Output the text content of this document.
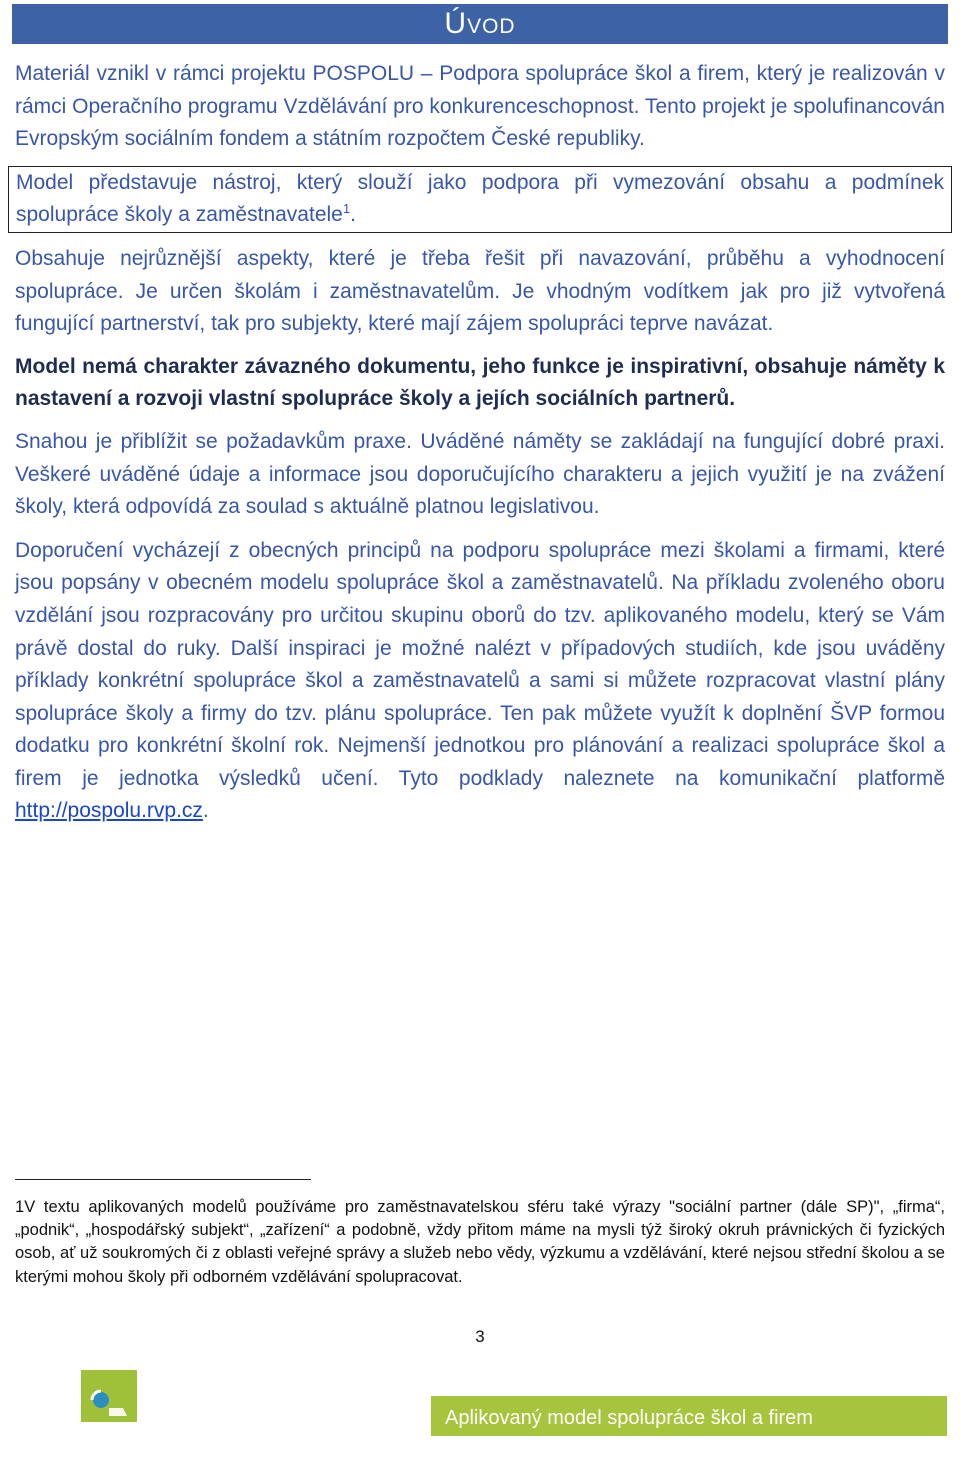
Úvod

Materiál vznikl v rámci projektu POSPOLU – Podpora spolupráce škol a firem, který je realizován v rámci Operačního programu Vzdělávání pro konkurenceschopnost. Tento projekt je spolufinancován Evropským sociálním fondem a státním rozpočtem České republiky.

Model představuje nástroj, který slouží jako podpora při vymezování obsahu a podmínek spolupráce školy a zaměstnavatele$^1$.

Obsahuje nejrůznější aspekty, které je třeba řešit při navazování, průběhu a vyhodnocení spolupráce. Je určen školám i zaměstnavatelům. Je vhodným vodítkem jak pro již vytvořená fungující partnerství, tak pro subjekty, které mají zájem spolupráci teprve navázat.

Model nemá charakter závazného dokumentu, jeho funkce je inspirativní, obsahuje náměty k nastavení a rozvoji vlastní spolupráce školy a jejích sociálních partnerů.

Snahou je přiblížit se požadavkům praxe. Uváděné náměty se zakládají na fungující dobré praxi. Veškeré uváděné údaje a informace jsou doporučujícího charakteru a jejich využití je na zvážení školy, která odpovídá za soulad s aktuálně platnou legislativou.

Doporučení vycházejí z obecných principů na podporu spolupráce mezi školami a firmami, které jsou popsány v obecném modelu spolupráce škol a zaměstnavatelů. Na příkladu zvoleného oboru vzdělání jsou rozpracovány pro určitou skupinu oborů do tzv. aplikovaného modelu, který se Vám právě dostal do ruky. Další inspiraci je možné nalézt v případových studiích, kde jsou uváděny příklady konkrétní spolupráce škol a zaměstnavatelů a sami si můžete rozpracovat vlastní plány spolupráce školy a firmy do tzv. plánu spolupráce. Ten pak můžete využít k doplnění ŠVP formou dodatku pro konkrétní školní rok. Nejmenší jednotkou pro plánování a realizaci spolupráce škol a firem je jednotka výsledků učení. Tyto podklady naleznete na komunikační platformě http://pospolu.rvp.cz.

1V textu aplikovaných modelů používáme pro zaměstnavatelskou sféru také výrazy "sociální partner (dále SP)", „firma“, „podnik“, „hospodářský subjekt“, „zařízení“ a podobně, vždy přitom máme na mysli týž široký okruh právnických či fyzických osob, ať už soukromých či z oblasti veřejné správy a služeb nebo vědy, výzkumu a vzdělávání, které nejsou střední školou a se kterými mohou školy při odborném vzdělávání spolupracovat.
3
Aplikovaný model spolupráce škol a firem
